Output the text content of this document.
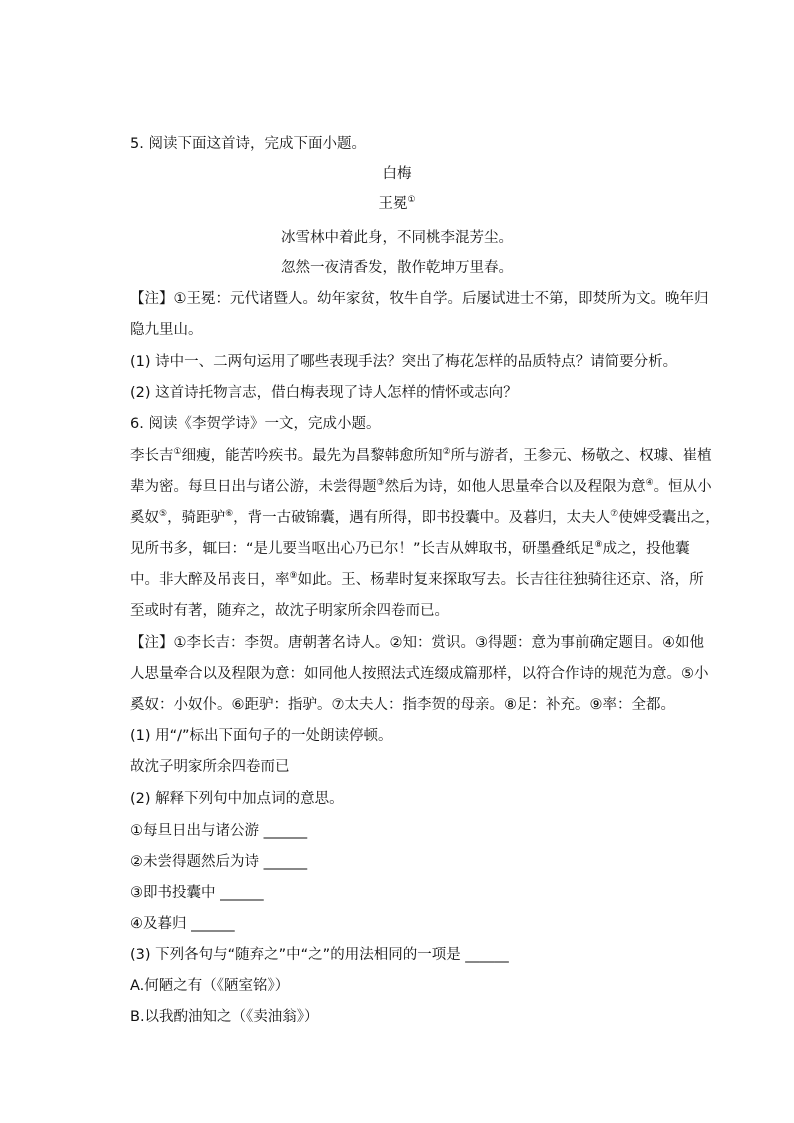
5. 阅读下面这首诗，完成下面小题。
白梅
王冕①
冰雪林中着此身，不同桃李混芳尘。
忽然一夜清香发，散作乾坤万里春。
【注】①王冕：元代诸暨人。幼年家贫，牧牛自学。后屡试进士不第，即焚所为文。晚年归
隐九里山。
(1) 诗中一、二两句运用了哪些表现手法？突出了梅花怎样的品质特点？请简要分析。
(2) 这首诗托物言志，借白梅表现了诗人怎样的情怀或志向？
6. 阅读《李贺学诗》一文，完成小题。
李长吉①细瘦，能苦吟疾书。最先为昌黎韩愈所知②所与游者，王参元、杨敬之、权璩、崔植
辈为密。每旦日出与诸公游，未尝得题③然后为诗，如他人思量牵合以及程限为意④。恒从小
奚奴⑤，骑距驴⑥，背一古破锦囊，遇有所得，即书投囊中。及暮归，太夫人⑦使婢受囊出之，
见所书多，辄曰：“是儿要当呕出心乃已尔！”长吉从婢取书，研墨叠纸足⑧成之，投他囊
中。非大醉及吊丧日，率⑨如此。王、杨辈时复来探取写去。长吉往往独骑往还京、洛，所
至或时有著，随弃之，故沈子明家所余四卷而已。
【注】①李长吉：李贺。唐朝著名诗人。②知：赏识。③得题：意为事前确定题目。④如他
人思量牵合以及程限为意：如同他人按照法式连缀成篇那样，以符合作诗的规范为意。⑤小
奚奴：小奴仆。⑥距驴：指驴。⑦太夫人：指李贺的母亲。⑧足：补充。⑨率：全都。
(1) 用“/”标出下面句子的一处朗读停顿。
故沈子明家所余四卷而已
(2) 解释下列句中加点词的意思。
①每旦日出与诸公游 ______
②未尝得题然后为诗 ______
③即书投囊中 ______
④及暮归 ______
(3) 下列各句与“随弃之”中“之”的用法相同的一项是 ______
A.何陋之有（《陋室铭》）
B.以我酌油知之（《卖油翁》）
